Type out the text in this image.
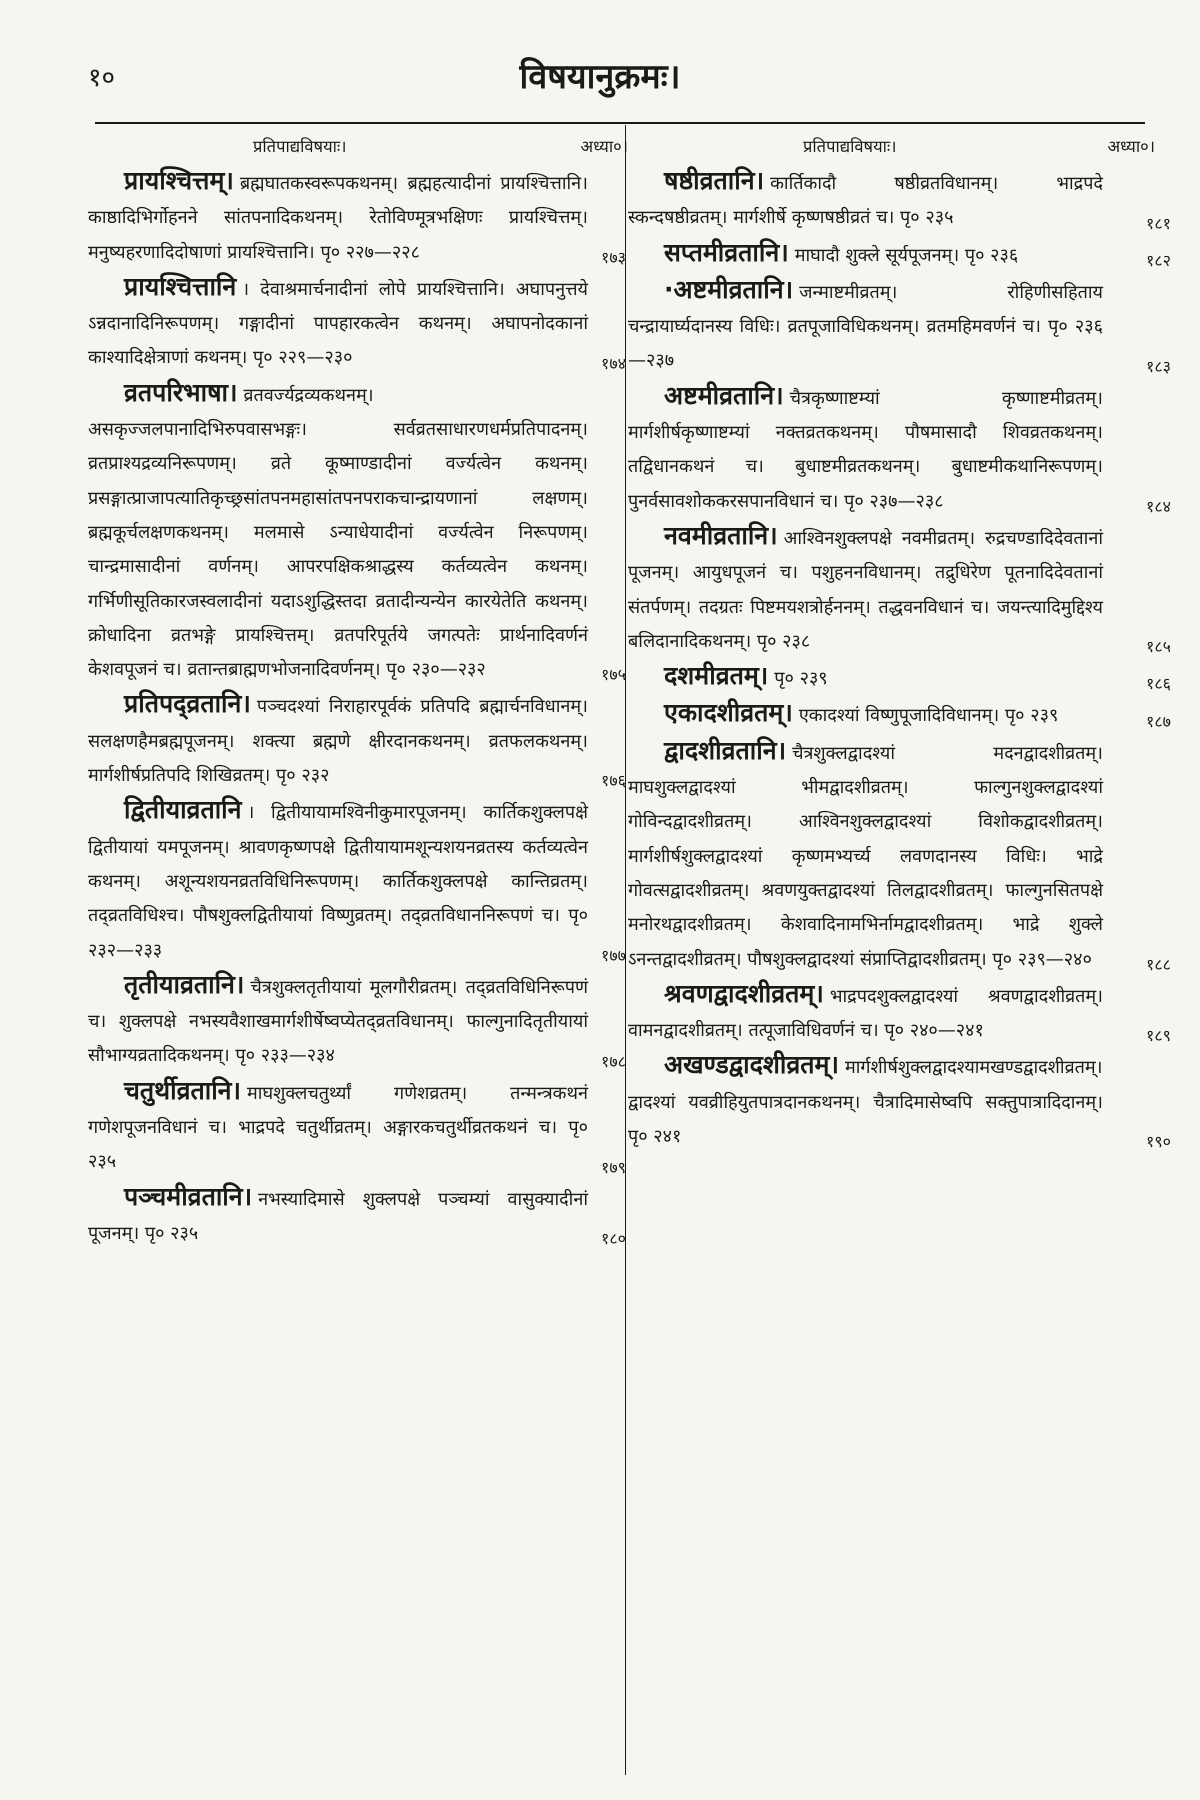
१०	विषयानुक्रमः।
प्रतिपाद्यविषयाः।	अध्या०।

प्रायश्चित्तम्। ब्रह्मघातकस्वरूपकथनम्। ब्रह्महत्यादीनां प्रायश्चित्तानि। काष्ठादिभिर्गोहनने सांतपनादिकथनम्। रेतोविण्मूत्रभक्षिणः प्रायश्चित्तम्। मनुष्यहरणादिदोषाणां प्रायश्चित्तानि। पृ० २२७—२२८	१७३

प्रायश्चित्तानि । देवाश्रमार्चनादीनां लोपे प्रायश्चित्तानि। अघापनुत्तये ऽन्नदानादिनिरूपणम्। गङ्गादीनां पापहारकत्वेन कथनम्। अघापनोदकानां काश्यादिक्षेत्राणां कथनम्। पृ० २२९—२३०	१७४

व्रतपरिभाषा। व्रतवर्ज्यद्रव्यकथनम्। असकृज्जलपानादिभिरुपवासभङ्गः। सर्वव्रतसाधारणधर्मप्रतिपादनम्। व्रतप्राश्यद्रव्यनिरूपणम्। व्रते कूष्माण्डादीनां वर्ज्यत्वेन कथनम्। प्रसङ्गात्प्राजापत्यातिकृच्छ्रसांतपनमहासांतपनपराकचान्द्रायणानां लक्षणम्। ब्रह्मकूर्चलक्षणकथनम्। मलमासे ऽन्याधेयादीनां वर्ज्यत्वेन निरूपणम्। चान्द्रमासादीनां वर्णनम्। आपरपक्षिकश्राद्धस्य कर्तव्यत्वेन कथनम्। गर्भिणीसूतिकारजस्वलादीनां यदाऽशुद्धिस्तदा व्रतादीन्यन्येन कारयेतेति कथनम्। क्रोधादिना व्रतभङ्गे प्रायश्चित्तम्। व्रतपरिपूर्तये जगत्पतेः प्रार्थनादिवर्णनं केशवपूजनं च। व्रतान्तब्राह्मणभोजनादिवर्णनम्। पृ० २३०—२३२	१७५

प्रतिपद्व्रतानि। पञ्चदश्यां निराहारपूर्वकं प्रतिपदि ब्रह्मार्चनविधानम्। सलक्षणहैमब्रह्मपूजनम्। शक्त्या ब्रह्मणे क्षीरदानकथनम्। व्रतफलकथनम्। मार्गशीर्षप्रतिपदि शिखिव्रतम्। पृ० २३२	१७६

द्वितीयाव्रतानि । द्वितीयायामश्विनीकुमारपूजनम्। कार्तिकशुक्लपक्षे द्वितीयायां यमपूजनम्। श्रावणकृष्णपक्षे द्वितीयायामशून्यशयनव्रतस्य कर्तव्यत्वेन कथनम्। अशून्यशयनव्रतविधिनिरूपणम्। कार्तिकशुक्लपक्षे कान्तिव्रतम्। तद्व्रतविधिश्च। पौषशुक्लद्वितीयायां विष्णुव्रतम्। तद्व्रतविधाननिरूपणं च। पृ० २३२—२३३	१७७

तृतीयाव्रतानि। चैत्रशुक्लतृतीयायां मूलगौरीव्रतम्। तद्व्रतविधिनिरूपणं च। शुक्लपक्षे नभस्यवैशाखमार्गशीर्षेष्वप्येतद्व्रतविधानम्। फाल्गुनादितृतीयायां सौभाग्यव्रतादिकथनम्। पृ० २३३—२३४	१७८

चतुर्थीव्रतानि। माघशुक्लचतुर्थ्यां गणेशव्रतम्। तन्मन्त्रकथनं गणेशपूजनविधानं च। भाद्रपदे चतुर्थीव्रतम्। अङ्गारकचतुर्थीव्रतकथनं च। पृ० २३५	१७९

पञ्चमीव्रतानि। नभस्यादिमासे शुक्लपक्षे पञ्चम्यां वासुक्यादीनां पूजनम्। पृ० २३५	१८०
प्रतिपाद्यविषयाः।	अध्या०।

षष्ठीव्रतानि। कार्तिकादौ षष्ठीव्रतविधानम्। भाद्रपदे स्कन्दषष्ठीव्रतम्। मार्गशीर्षे कृष्णषष्ठीव्रतं च। पृ० २३५	१८१

सप्तमीव्रतानि। माघादौ शुक्ले सूर्यपूजनम्। पृ० २३६	१८२

·अष्टमीव्रतानि। जन्माष्टमीव्रतम्। रोहिणीसहिताय चन्द्रायार्घ्यदानस्य विधिः। व्रतपूजाविधिकथनम्। व्रतमहिमवर्णनं च। पृ० २३६—२३७	१८३

अष्टमीव्रतानि। चैत्रकृष्णाष्टम्यां कृष्णाष्टमीव्रतम्। मार्गशीर्षकृष्णाष्टम्यां नक्तव्रतकथनम्। पौषमासादौ शिवव्रतकथनम्। तद्विधानकथनं च। बुधाष्टमीव्रतकथनम्। बुधाष्टमीकथानिरूपणम्। पुनर्वसावशोककरसपानविधानं च। पृ० २३७—२३८	१८४

नवमीव्रतानि। आश्विनशुक्लपक्षे नवमीव्रतम्। रुद्रचण्डादिदेवतानां पूजनम्। आयुधपूजनं च। पशुहननविधानम्। तद्रुधिरेण पूतनादिदेवतानां संतर्पणम्। तदग्रतः पिष्टमयशत्रोर्हननम्। तद्धवनविधानं च। जयन्त्यादिमुद्दिश्य बलिदानादिकथनम्। पृ० २३८	१८५

दशमीव्रतम्। पृ० २३९	१८६

एकादशीव्रतम्। एकादश्यां विष्णुपूजादिविधानम्। पृ० २३९	१८७

द्वादशीव्रतानि। चैत्रशुक्लद्वादश्यां मदनद्वादशीव्रतम्। माघशुक्लद्वादश्यां भीमद्वादशीव्रतम्। फाल्गुनशुक्लद्वादश्यां गोविन्दद्वादशीव्रतम्। आश्विनशुक्लद्वादश्यां विशोकद्वादशीव्रतम्। मार्गशीर्षशुक्लद्वादश्यां कृष्णमभ्यर्च्य लवणदानस्य विधिः। भाद्रे गोवत्सद्वादशीव्रतम्। श्रवणयुक्तद्वादश्यां तिलद्वादशीव्रतम्। फाल्गुनसितपक्षे मनोरथद्वादशीव्रतम्। केशवादिनामभिर्नामद्वादशीव्रतम्। भाद्रे शुक्ले ऽनन्तद्वादशीव्रतम्। पौषशुक्लद्वादश्यां संप्राप्तिद्वादशीव्रतम्। पृ० २३९—२४०	१८८

श्रवणद्वादशीव्रतम्। भाद्रपदशुक्लद्वादश्यां श्रवणद्वादशीव्रतम्। वामनद्वादशीव्रतम्। तत्पूजाविधिवर्णनं च। पृ० २४०—२४१	१८९

अखण्डद्वादशीव्रतम्। मार्गशीर्षशुक्लद्वादश्यामखण्डद्वादशीव्रतम्। द्वादश्यां यवव्रीहियुतपात्रदानकथनम्। चैत्रादिमासेष्वपि सक्तुपात्रादिदानम्। पृ० २४१	१९०
